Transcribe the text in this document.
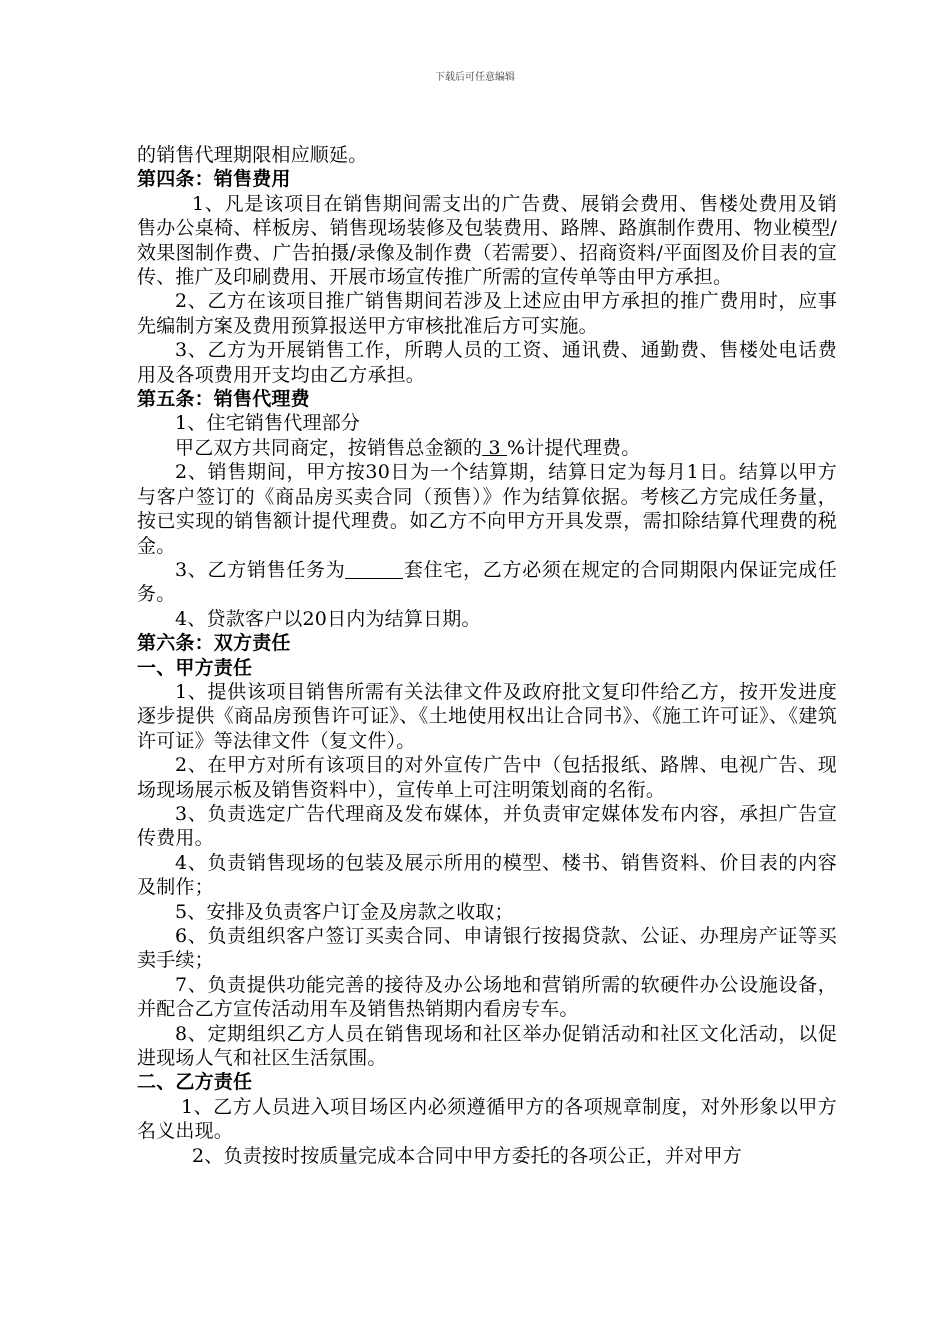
下载后可任意编辑

的销售代理期限相应顺延。

第四条：销售费用

1、凡是该项目在销售期间需支出的广告费、展销会费用、售楼处费用及销售办公桌椅、样板房、销售现场装修及包装费用、路牌、路旗制作费用、物业模型/效果图制作费、广告拍摄/录像及制作费（若需要）、招商资料/平面图及价目表的宣传、推广及印刷费用、开展市场宣传推广所需的宣传单等由甲方承担。

2、乙方在该项目推广销售期间若涉及上述应由甲方承担的推广费用时，应事先编制方案及费用预算报送甲方审核批准后方可实施。

3、乙方为开展销售工作，所聘人员的工资、通讯费、通勤费、售楼处电话费用及各项费用开支均由乙方承担。

第五条：销售代理费

1、住宅销售代理部分

甲乙双方共同商定，按销售总金额的 3 %计提代理费。

2、销售期间，甲方按30日为一个结算期，结算日定为每月1日。结算以甲方与客户签订的《商品房买卖合同（预售）》作为结算依据。考核乙方完成任务量，按已实现的销售额计提代理费。如乙方不向甲方开具发票，需扣除结算代理费的税金。

3、乙方销售任务为	套住宅，乙方必须在规定的合同期限内保证完成任务。

4、贷款客户以20日内为结算日期。

第六条：双方责任

一、甲方责任

1、提供该项目销售所需有关法律文件及政府批文复印件给乙方，按开发进度逐步提供《商品房预售许可证》、《土地使用权出让合同书》、《施工许可证》、《建筑许可证》等法律文件（复文件）。

2、在甲方对所有该项目的对外宣传广告中（包括报纸、路牌、电视广告、现场现场展示板及销售资料中），宣传单上可注明策划商的名衔。

3、负责选定广告代理商及发布媒体，并负责审定媒体发布内容，承担广告宣传费用。

4、负责销售现场的包装及展示所用的模型、楼书、销售资料、价目表的内容及制作；

5、安排及负责客户订金及房款之收取；

6、负责组织客户签订买卖合同、申请银行按揭贷款、公证、办理房产证等买卖手续；

7、负责提供功能完善的接待及办公场地和营销所需的软硬件办公设施设备，并配合乙方宣传活动用车及销售热销期内看房专车。

8、定期组织乙方人员在销售现场和社区举办促销活动和社区文化活动，以促进现场人气和社区生活氛围。

二、乙方责任

1、乙方人员进入项目场区内必须遵循甲方的各项规章制度，对外形象以甲方名义出现。

2、负责按时按质量完成本合同中甲方委托的各项公正，并对甲方
